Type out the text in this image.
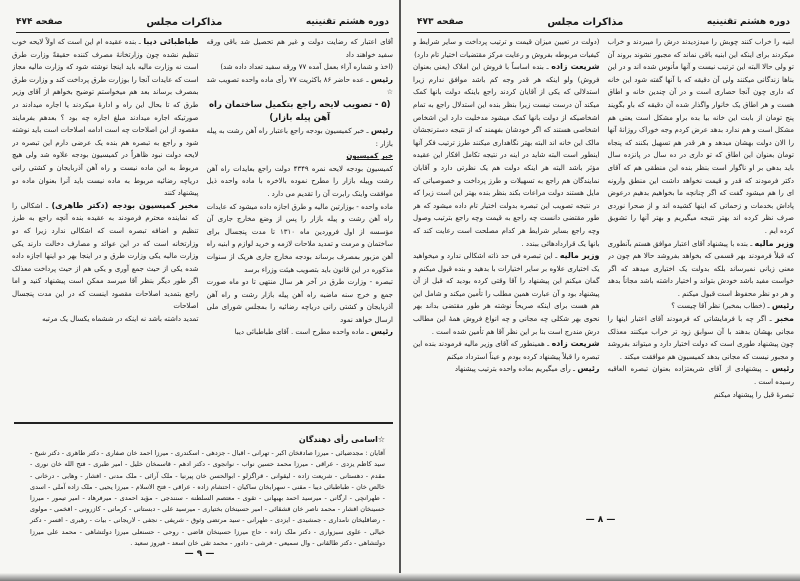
دوره هشتم تقنینیه
مذاکرات مجلس
صفحه ۴۷۴

آقای اعتبار که رضایت دولت و غیر هم تحصیل شد باقی ورقه سفید خواهند داد

(اخذ و شماره آراء بعمل آمده ۷۷ ورقه سفید تعداد داده شد)

رئیس ـ عده حاضر ۸۶ باکثریت ۷۷ رأی ماده واحده تصویب شد ☆

(۵ - تصویب لایحه راجع بتکمیل ساختمان راه آهن پیله بازار)

رئیس ـ خبر کمیسیون بودجه راجع باعتبار راه آهن رشت به پیله بازار :

خبر کمیسیون

کمیسیون بودجه لایحه نمره ۴۳۴۹ دولت راجع بعایدات راه آهن رشت وپیله بازار را مطرح نموده بالاخره با ماده واحده ذیل موافقت واینک رابرت آن را تقدیم می دارد .

ماده واحده - بوزارتین مالیه و طرق اجازه داده میشود که عایدات راه آهن رشت و پیله بازار را پس از وضع مخارج جاری آن مؤسسه از اول فروردین ماه ۱۳۱۰ تا مدت پنجسال برای ساختمان و مرمت و تمدید ملاحات لازمه و خرید لوازم و ابنیه راه آهن مزبور بمصرف برساند بودجه مخارج جاری هریک از سنوات مذکوره در این قانون باید بتصویب هیئت وزراء برسد

تبصره - وزارت طرق در آخر هر سال منتهی تا دو ماه صورت جمع و خرج سنه ماضیه راه آهن پیله بازار رشت و راه آهن آذربایجان و کشتی رانی دریاچه رضائیه را بمجلس شورای ملی ارسال خواهد نمود

رئیس ـ ماده واحده مطرح است . آقای طباطبائی دیبا

طباطبائی دیبا ـ بنده عقیده ام این است که اولاً لایحه خوب تنظیم نشده چون وزارتخانهٔ مصرف کننده حقیقةً وزارت طرق است نه وزارت مالیه باید اینجا نوشته شود که وزارت مالیه مجاز است که عایدات آنجا را بوزارت طرق پرداخت کند و وزارت طرق بمصرف برساند بعد هم میخواستم توضیح بخواهم از آقای وزیر طرق که تا بحال این راه و ادارهٔ میکردند یا اجاره میدادند در صورتیکه اجاره میدادند مبلغ اجاره چه بود ؟ بعدهم بفرمایند مقصود از این اصلاحات چه است ادامه اصلاحات است باید نوشته شود و راجع به تبصره هم بنده یک عرضی دارم این تبصره در لایحه دولت نبود ظاهراً در کمیسیون بودجه علاوه شد ولی هیچ مربوط به این ماده نیست و راه آهن آذربایجان و کشتی رانی دریاچه رضائیه مربوط به ماده نیست باید آنرا بعنوان ماده دو پیشنهاد کنند

مخبر کمیسیون بودجه (دکتر طاهری) ـ اشکالی را که نماینده محترم فرمودند به عقیده بنده آنچه راجع به طرز تنظیم و اضافه تبصره است که اشکالی ندارد زیرا که دو وزارتخانه است که در این عوائد و مصارف دخالت دارند یکی وزارت مالیه یکی وزارت طرق و در اینجا بهر دو اینها اجازه داده شده یکی از حیث جمع آوری و یکی هم از حیث پرداخت معذلک اگر طور دیگر بنظر آقا میرسد ممکن است پیشنهاد کنید و اما راجع بتمدید اصلاحات مقصود اینست که در این مدت پنجسال اصلاحات

تمدید داشته باشد نه اینکه در ششماه یکسال یک مرتبه

☆اسامی رأی دهندگان
آقایان : مجدضیائی - میرزا صادقخان اکبر - تهرانی - اقبال - جزدهی - اسکندری - میرزا احمد خان صفاری - دکتر طاهری - دکتر شیخ - سید کاظم یزدی - عراقی - میرزا محمد حسین نواب - نوانجوی - دکتر ادهم - قاسمخان خلیل - امیر طبری - فتح الله خان نوری - مقدم - دهستانی - شریعت زاده - لیقوانی - قراگزلو - ابوالحسن خان پیرنیا - ملک آرائی - ملک مدنی - افشار - وهابی - درخانی - خالص خان - طباطبائی دیبا - مقنی - سهرابخان ساکیان - احتشام زاده - عراقی - فتح الاسلام - میرزا یحیی - ملک زاده آملی - اسدی - طهرانچی - ارگانی - میرسید احمد بهبهانی - تقوی - معتصم السلطنه - سنندجی - مؤید احمدی - میرفرهاد - امیر تیمور - میرزا حسینخان افشار - محمد ناصر خان قشقائی - امیر حسینخان بختیاری - میرسید علی - دبستانی - کرمانی - کازرونی - افخمی - مولوی - رضاقلیخان نامداری - جمشیدی - ایزدی - طهرانی - سید مرتضی وثوق - شریفی - نجفی - لاریجانی - بیات - رهبری - افسر - دکتر خیالی - علوی سبزواری - دکتر ملک زاده - حاج میرزا حسینخان قاضی - روحی - حسنعلی میرزا دولتشاهی - محمد علی میرزا دولتشاهی - دکتر طالقانی - وال سمیعی - فرشی - دادور - محمد تقی خان اسعد - فیروز سعید .
— ۹ —
دوره هشتم تقنینیه
مذاکرات مجلس
صفحه ۴۷۳

ابنیه را خراب کنند چوبش را میدزدیدند درش را میبردند و خراب میکردند برای اینکه این ابنیه باقی نماند که مجبور نشوند بروند آن تو ولی حالا البته این ترتیب نیست و آنها مأنوس شده اند و در این بناها زندگانی میکنند ولی آن دقیقه که با آنها گفته شود این خانه که داری چون آنجا حصاری است و در آن چندین خانه و اطاق هست و هر اطاق یک خانوار واگذار شده آن دقیقه که باو بگویند پنج تومان از بابت این خانه بیا بده براو مشکل است یعنی هم مشکل است و هم ندارد بدهد عرض کردم وجه خوراک روزانهٔ آنها را الان دولت بهشان میدهد و هر قدر هم تسهیل بکنند که پنجاه تومان بعنوان این اطاق که تو داری در ده سال در پانزده سال باید بدهی بر او ناگوار است بنظر بنده این منطقی هم که آقای دکتر فرمودند که قدر و قیمت نخواهد داشت این منطق وارونه ای را هم میشود گفت که اگر چنانچه ما بخواهیم بدهیم درعوض پاداش بخدمات و زحماتی که اینها کشیده اند و از صحرا نوردی صرف نظر کرده اند بهتر نتیجه میگیریم و بهتر آنها را تشویق کرده ایم .

وزیر مالیه ـ بنده با پیشنهاد آقای اعتبار موافق هستم بآنطوری که قبلاً فرمودند بهر قسمی که بخواهد بفروشد حالا هم چون در معنی زیانی نمیرساند بلکه بدولت یک اختیاری میدهد که اگر خواست مفید باشد خودش بتواند و اختیار داشته باشد مجاناً بدهد و هر دو نظر محفوظ است قبول میکنم .

رئیس ـ (خطاب بمخبر) نظر آقا چیست ؟

مخبر ـ اگر چه با فرمایشاتی که فرمودند آقای اعتبار اینها را مجانی بهشان بدهند با آن سوابق زود تر خراب میکنند معذلک چون پیشنهاد طوری است که دولت اختیار دارد و میتواند بفروشد و مجبور نیست که مجانی بدهد کمیسیون هم موافقت میکند .

رئیس ـ پیشنهادی از آقای شریعتزاده بعنوان تبصره العاقبه رسیده است .

تبصرهٔ قبل را پیشنهاد میکنم

(دولت در تعیین میزان قیمت و ترتیب پرداخت و سایر شرایط و کیفیات مربوطه بفروش و رعایت مرکز مقتضیات اختیار تام دارد)

شریعت زاده ـ بنده اساساً با فروش این املاک (یعنی بعنوان فروش) ولو اینکه هر قدر وجه کم باشد موافق ندارم زیرا استدلالی که یکی از آقایان کردند راجع باینکه دولت بانها کمک میکند آن درست نیست زیرا بنظر بنده این استدلال راجع به تمام اشخاصیکه از دولت بانها کمک میشود مدخلیت دارد این اشخاص اشخاصی هستند که اگر خودشان بفهمند که از نتیجه دسترنجشان مالک این خانه اند البته بهتر نگاهداری میکنند طرز ترتیب فکر آنها اینطور است البته شاید در اینه در نتیجه تکامل افکار این عقیده مؤثر باشد البته هر اینکه دولت هم یک نظرتی دارد و آقایان نمایندگان هم راجع به تسهیلات و طرز پرداخت و خصوصیاتی که مایل هستند دولت مراعات بکند بنظر بنده بهتر این است زیرا که در نتیجه تصویب این تبصره بدولت اختیار تام داده میشود که هر طور مقتضی دانست چه راجع به قیمت وچه راجع بترتیب وصول وچه راجع بسایر شرایط هر کدام مصلحت است رعایت کند که بانها یک قراردادهائی ببندد .

وزیر مالیه ـ این تبصره فی حد ذاته اشکالی ندارد و میخواهید یک اختیاری علاوه بر سایر اختیارات با بدهید و بنده قبول میکنم و گمان میکنم این پیشنهاد را آقا وقتی کرده بودید که قبل از آن پیشنهاد بود و آن عبارت همین مطلب را تأمین میکند و شامل این هم هست برای اینکه صریحاً نوشته هر طور مقتضی بداند بهر نحوی بهر شکلی چه مجانی و چه انواع فروش همهٔ این مطالب درش مندرج است بنا بر این نظر آقا هم تأمین شده است .

شریعت زاده ـ همینطور که آقای وزیر مالیه فرمودند بنده این تبصره را قبلاً پیشنهاد کرده بودم و عیناً استرداد میکنم

رئیس ـ رأی میگیریم بماده واحده بترتیب پیشنهاد

— ۸ —
